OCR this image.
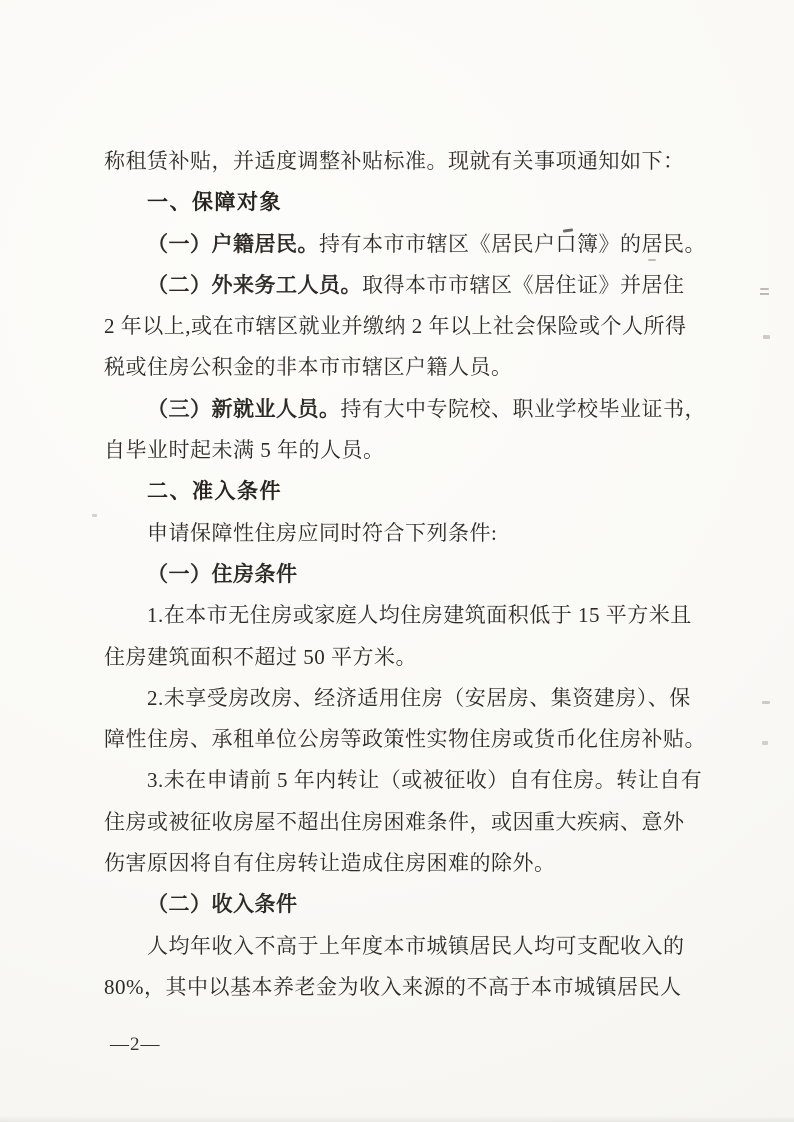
称租赁补贴，并适度调整补贴标准。现就有关事项通知如下：
一、保障对象
（一）户籍居民。持有本市市辖区《居民户口簿》的居民。
（二）外来务工人员。取得本市市辖区《居住证》并居住
2 年以上,或在市辖区就业并缴纳 2 年以上社会保险或个人所得
税或住房公积金的非本市市辖区户籍人员。
（三）新就业人员。持有大中专院校、职业学校毕业证书，
自毕业时起未满 5 年的人员。
二、准入条件
申请保障性住房应同时符合下列条件:
（一）住房条件
1.在本市无住房或家庭人均住房建筑面积低于 15 平方米且
住房建筑面积不超过 50 平方米。
2.未享受房改房、经济适用住房（安居房、集资建房）、保
障性住房、承租单位公房等政策性实物住房或货币化住房补贴。
3.未在申请前 5 年内转让（或被征收）自有住房。转让自有
住房或被征收房屋不超出住房困难条件，或因重大疾病、意外
伤害原因将自有住房转让造成住房困难的除外。
（二）收入条件
人均年收入不高于上年度本市城镇居民人均可支配收入的
80%，其中以基本养老金为收入来源的不高于本市城镇居民人
—2—
